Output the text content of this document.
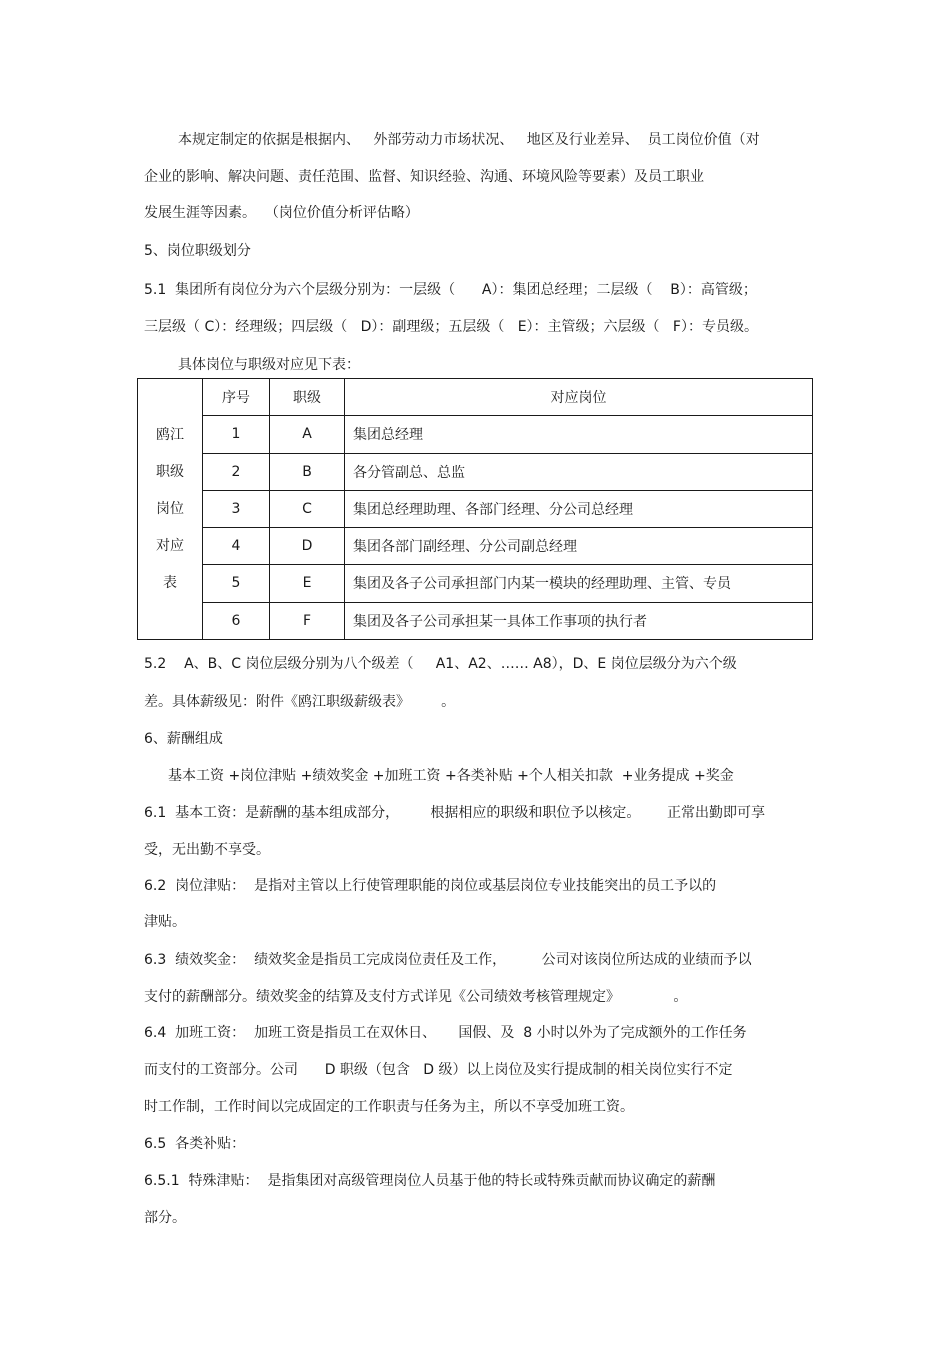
本规定制定的依据是根据内、   外部劳动力市场状况、   地区及行业差异、  员工岗位价值（对
企业的影响、解决问题、责任范围、监督、知识经验、沟通、环境风险等要素）及员工职业
发展生涯等因素。  （岗位价值分析评估略）
5、岗位职级划分
5.1  集团所有岗位分为六个层级分别为：一层级（      A）：集团总经理；二层级（    B）：高管级；
三层级（ C）：经理级；四层级（   D）：副理级；五层级（   E）：主管级；六层级（   F）：专员级。
具体岗位与职级对应见下表：
鸥江
职级
岗位
对应
表	序号	职级	对应岗位
	1	A	集团总经理
	2	B	各分管副总、总监
	3	C	集团总经理助理、各部门经理、分公司总经理
	4	D	集团各部门副经理、分公司副总经理
	5	E	集团及各子公司承担部门内某一模块的经理助理、主管、专员
	6	F	集团及各子公司承担某一具体工作事项的执行者
5.2    A、B、C 岗位层级分别为八个级差（     A1、A2、…… A8），D、E 岗位层级分为六个级
差。具体薪级见：附件《鸥江职级薪级表》       。
6、薪酬组成
基本工资 +岗位津贴 +绩效奖金 +加班工资 +各类补贴 +个人相关扣款  +业务提成 +奖金
6.1  基本工资：是薪酬的基本组成部分，       根据相应的职级和职位予以核定。      正常出勤即可享
受，无出勤不享受。
6.2  岗位津贴：  是指对主管以上行使管理职能的岗位或基层岗位专业技能突出的员工予以的
津贴。
6.3  绩效奖金：  绩效奖金是指员工完成岗位责任及工作，        公司对该岗位所达成的业绩而予以
支付的薪酬部分。绩效奖金的结算及支付方式详见《公司绩效考核管理规定》            。
6.4  加班工资：  加班工资是指员工在双休日、     国假、及  8 小时以外为了完成额外的工作任务
而支付的工资部分。公司      D 职级（包含   D 级）以上岗位及实行提成制的相关岗位实行不定
时工作制，工作时间以完成固定的工作职责与任务为主，所以不享受加班工资。
6.5  各类补贴：
6.5.1  特殊津贴：  是指集团对高级管理岗位人员基于他的特长或特殊贡献而协议确定的薪酬
部分。
